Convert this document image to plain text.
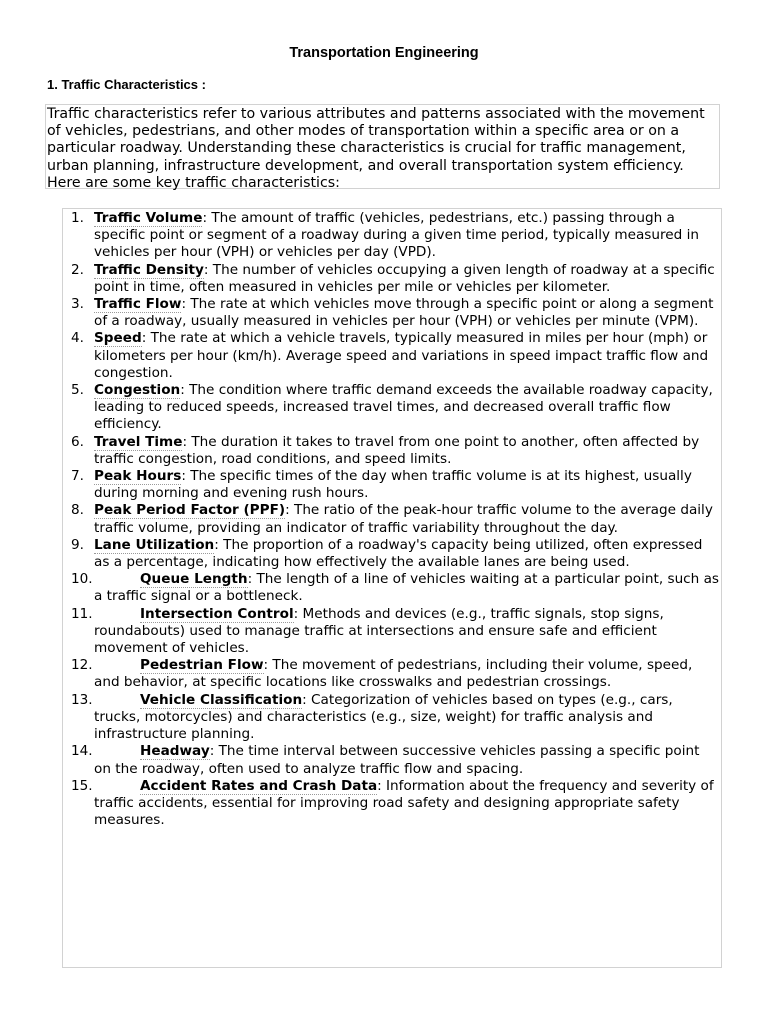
Transportation Engineering
1. Traffic Characteristics :

Traffic characteristics refer to various attributes and patterns associated with the movement of vehicles, pedestrians, and other modes of transportation within a specific area or on a particular roadway. Understanding these characteristics is crucial for traffic management, urban planning, infrastructure development, and overall transportation system efficiency. Here are some key traffic characteristics:

1. Traffic Volume: The amount of traffic (vehicles, pedestrians, etc.) passing through a specific point or segment of a roadway during a given time period, typically measured in vehicles per hour (VPH) or vehicles per day (VPD).
2. Traffic Density: The number of vehicles occupying a given length of roadway at a specific point in time, often measured in vehicles per mile or vehicles per kilometer.
3. Traffic Flow: The rate at which vehicles move through a specific point or along a segment of a roadway, usually measured in vehicles per hour (VPH) or vehicles per minute (VPM).
4. Speed: The rate at which a vehicle travels, typically measured in miles per hour (mph) or kilometers per hour (km/h). Average speed and variations in speed impact traffic flow and congestion.
5. Congestion: The condition where traffic demand exceeds the available roadway capacity, leading to reduced speeds, increased travel times, and decreased overall traffic flow efficiency.
6. Travel Time: The duration it takes to travel from one point to another, often affected by traffic congestion, road conditions, and speed limits.
7. Peak Hours: The specific times of the day when traffic volume is at its highest, usually during morning and evening rush hours.
8. Peak Period Factor (PPF): The ratio of the peak-hour traffic volume to the average daily traffic volume, providing an indicator of traffic variability throughout the day.
9. Lane Utilization: The proportion of a roadway's capacity being utilized, often expressed as a percentage, indicating how effectively the available lanes are being used.
10.	Queue Length: The length of a line of vehicles waiting at a particular point, such as a traffic signal or a bottleneck.
11.	Intersection Control: Methods and devices (e.g., traffic signals, stop signs, roundabouts) used to manage traffic at intersections and ensure safe and efficient movement of vehicles.
12.	Pedestrian Flow: The movement of pedestrians, including their volume, speed, and behavior, at specific locations like crosswalks and pedestrian crossings.
13.	Vehicle Classification: Categorization of vehicles based on types (e.g., cars, trucks, motorcycles) and characteristics (e.g., size, weight) for traffic analysis and infrastructure planning.
14.	Headway: The time interval between successive vehicles passing a specific point on the roadway, often used to analyze traffic flow and spacing.
15.	Accident Rates and Crash Data: Information about the frequency and severity of traffic accidents, essential for improving road safety and designing appropriate safety measures.
